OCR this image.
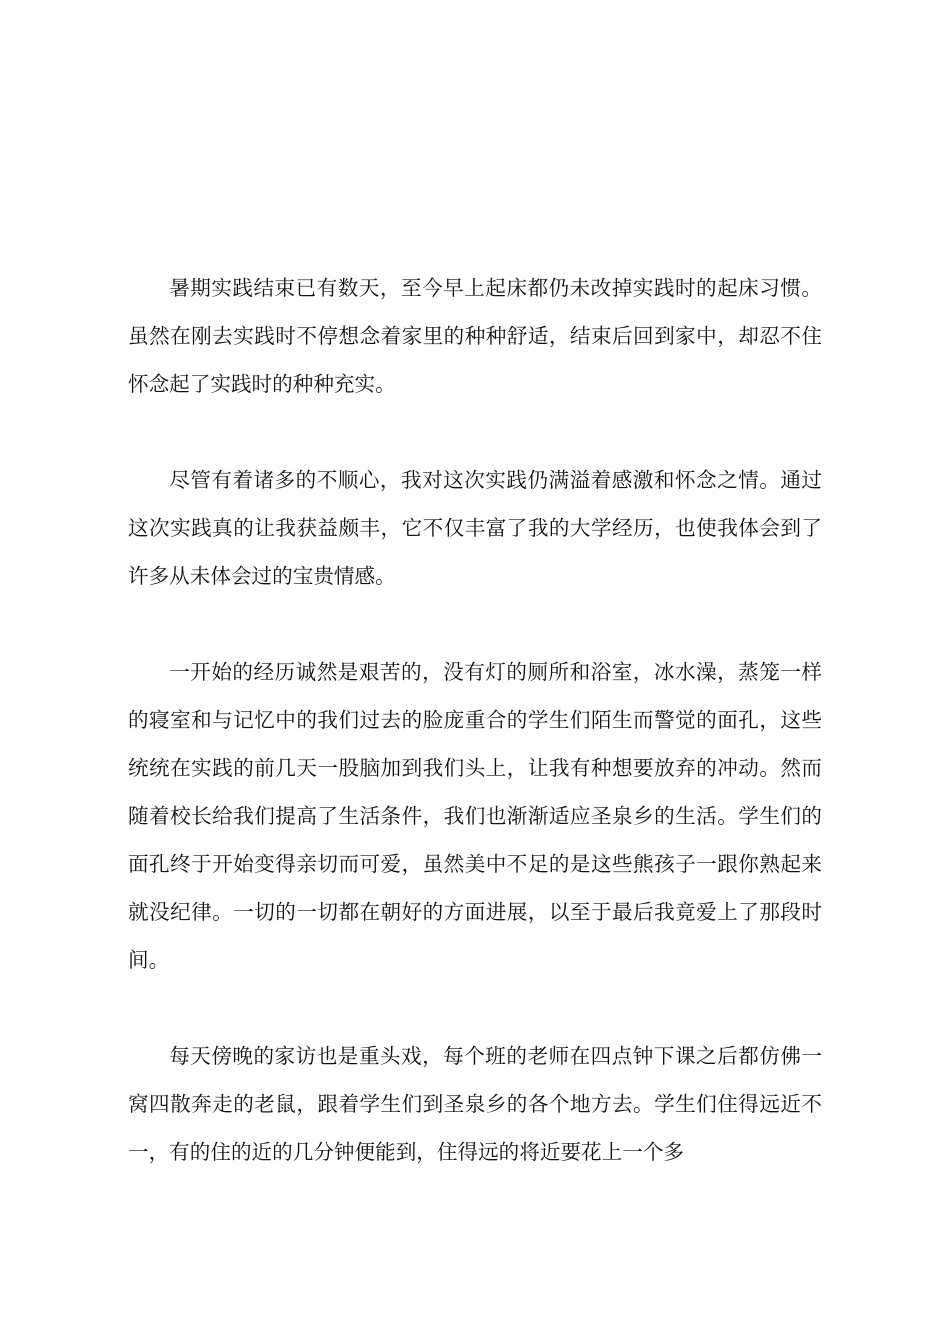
暑期实践结束已有数天，至今早上起床都仍未改掉实践时的起床习惯。虽然在刚去实践时不停想念着家里的种种舒适，结束后回到家中，却忍不住怀念起了实践时的种种充实。

尽管有着诸多的不顺心，我对这次实践仍满溢着感激和怀念之情。通过这次实践真的让我获益颇丰，它不仅丰富了我的大学经历，也使我体会到了许多从未体会过的宝贵情感。

一开始的经历诚然是艰苦的，没有灯的厕所和浴室，冰水澡，蒸笼一样的寝室和与记忆中的我们过去的脸庞重合的学生们陌生而警觉的面孔，这些统统在实践的前几天一股脑加到我们头上，让我有种想要放弃的冲动。然而随着校长给我们提高了生活条件，我们也渐渐适应圣泉乡的生活。学生们的面孔终于开始变得亲切而可爱，虽然美中不足的是这些熊孩子一跟你熟起来就没纪律。一切的一切都在朝好的方面进展，以至于最后我竟爱上了那段时间。

每天傍晚的家访也是重头戏，每个班的老师在四点钟下课之后都仿佛一窝四散奔走的老鼠，跟着学生们到圣泉乡的各个地方去。学生们住得远近不一，有的住的近的几分钟便能到，住得远的将近要花上一个多
